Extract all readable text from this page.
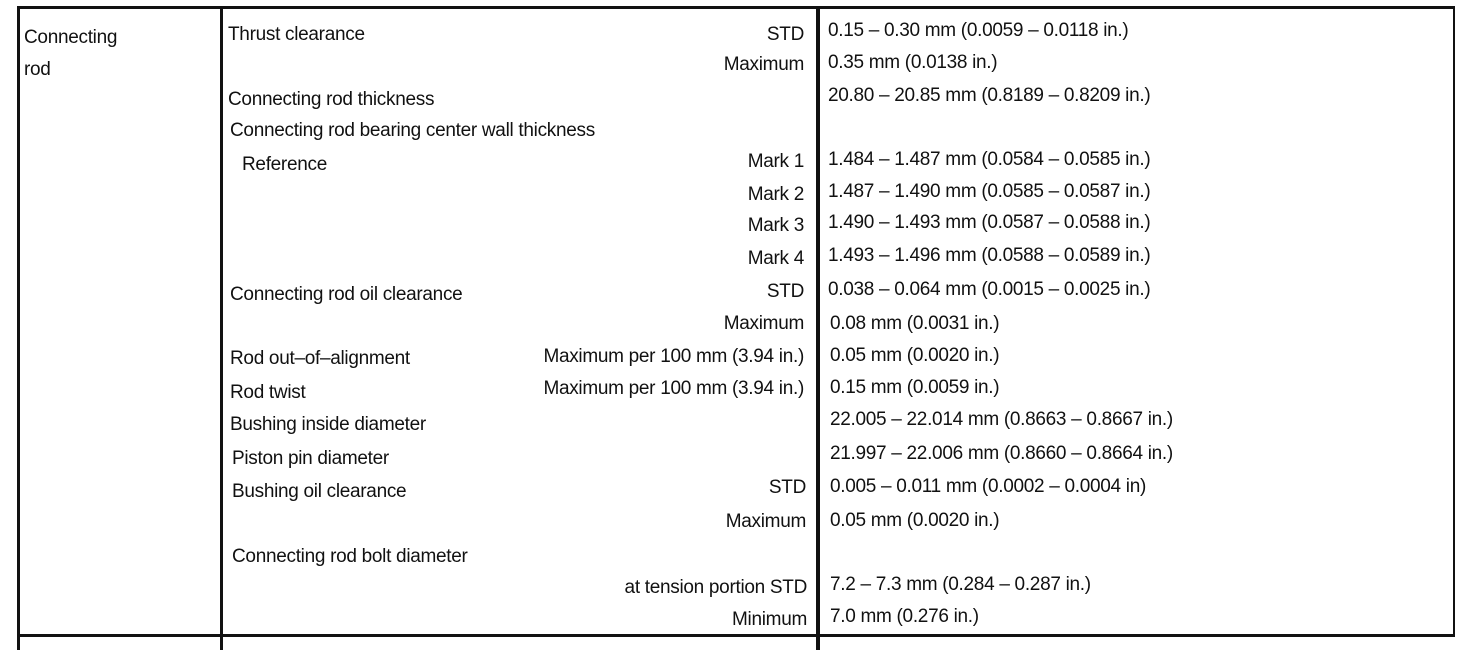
Connecting
rod
Thrust clearance	STD 0.15 – 0.30 mm (0.0059 – 0.0118 in.)
Maximum 0.35 mm (0.0138 in.)
Connecting rod thickness	20.80 – 20.85 mm (0.8189 – 0.8209 in.)
Connecting rod bearing center wall thickness
Reference	Mark 1 1.484 – 1.487 mm (0.0584 – 0.0585 in.)
Mark 2 1.487 – 1.490 mm (0.0585 – 0.0587 in.)
Mark 3 1.490 – 1.493 mm (0.0587 – 0.0588 in.)
Mark 4 1.493 – 1.496 mm (0.0588 – 0.0589 in.)
Connecting rod oil clearance	STD 0.038 – 0.064 mm (0.0015 – 0.0025 in.)
Maximum 0.08 mm (0.0031 in.)
Rod out–of–alignment	Maximum per 100 mm (3.94 in.) 0.05 mm (0.0020 in.)
Rod twist	Maximum per 100 mm (3.94 in.) 0.15 mm (0.0059 in.)
Bushing inside diameter	22.005 – 22.014 mm (0.8663 – 0.8667 in.)
Piston pin diameter	21.997 – 22.006 mm (0.8660 – 0.8664 in.)
Bushing oil clearance	STD 0.005 – 0.011 mm (0.0002 – 0.0004 in)
Maximum 0.05 mm (0.0020 in.)
Connecting rod bolt diameter
at tension portion STD 7.2 – 7.3 mm (0.284 – 0.287 in.)
Minimum 7.0 mm (0.276 in.)
